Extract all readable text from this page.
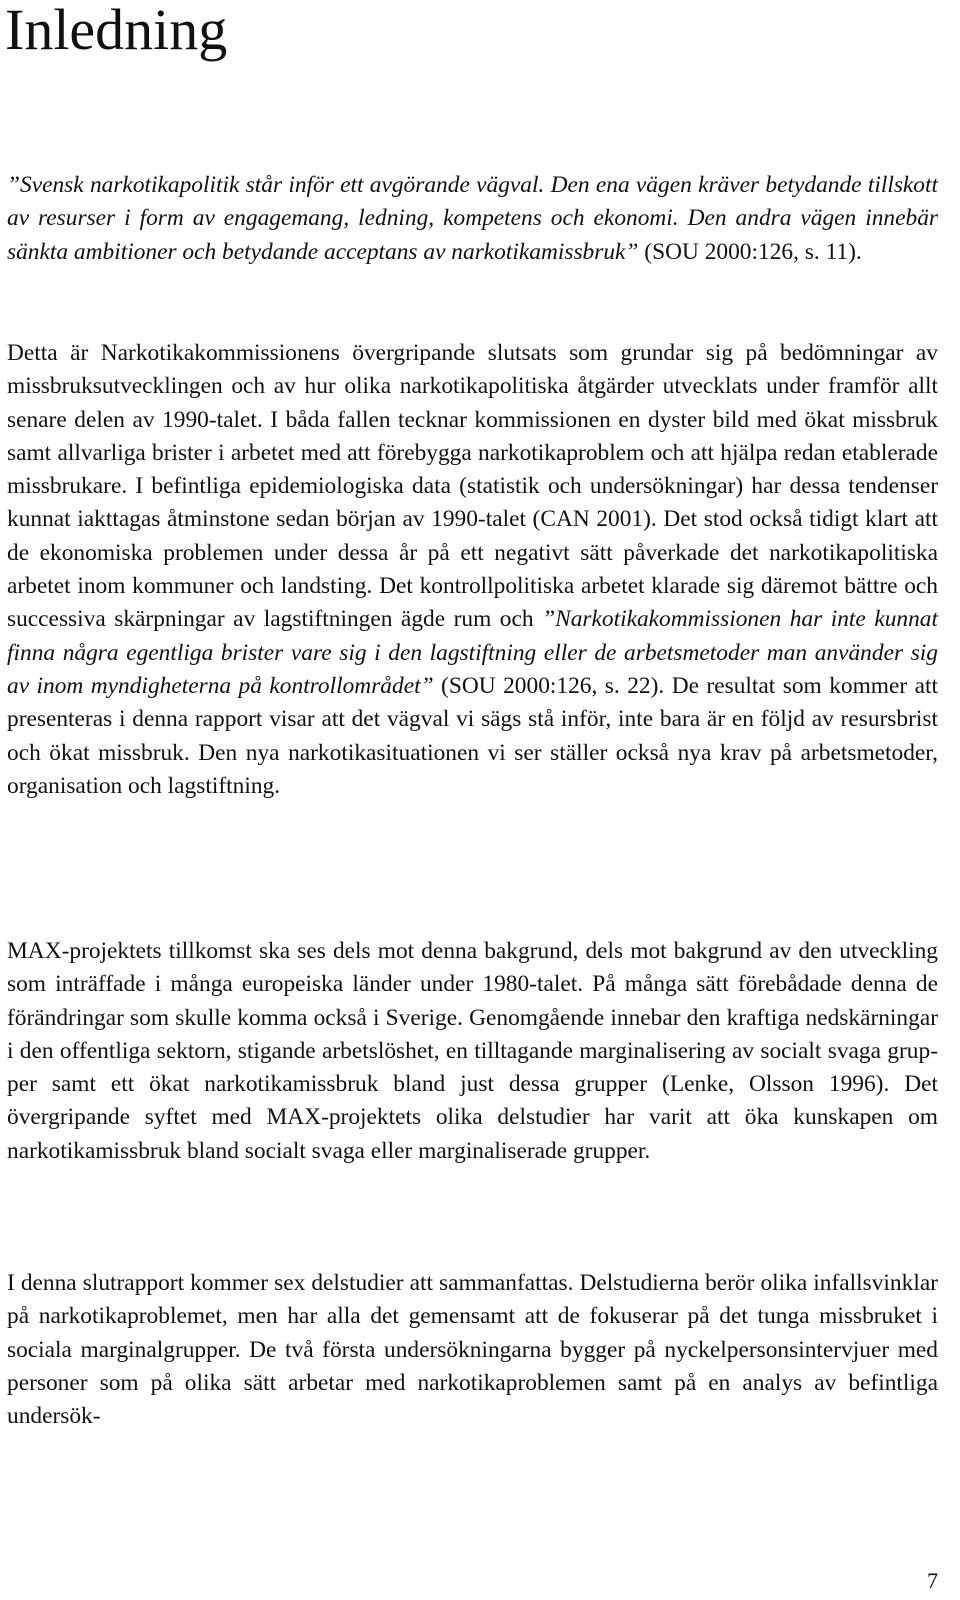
Inledning

”Svensk narkotikapolitik står inför ett avgörande vägval. Den ena vägen kräver betydande tillskott av resurser i form av engagemang, ledning, kompetens och ekonomi. Den andra vägen innebär sänkta ambitioner och betydande acceptans av narkotikamissbruk” (SOU 2000:126, s. 11).

Detta är Narkotikakommissionens övergripande slutsats som grundar sig på bedömningar av missbruksutvecklingen och av hur olika narkotikapolitiska åtgärder utvecklats under framför allt senare delen av 1990-talet. I båda fallen tecknar kommissionen en dyster bild med ökat missbruk samt allvarliga brister i arbetet med att förebygga narkotikaproblem och att hjälpa redan etablerade missbrukare. I befintliga epidemiologiska data (statistik och undersökningar) har dessa tendenser kunnat iakttagas åtminstone sedan början av 1990-talet (CAN 2001). Det stod också tidigt klart att de ekonomiska problemen under dessa år på ett negativt sätt påverkade det narkotikapolitiska arbetet inom kommuner och landsting. Det kontrollpolitiska arbetet klarade sig däremot bättre och successiva skärpningar av lagstiftningen ägde rum och ”Narkotikakommissionen har inte kunnat finna några egentliga brister vare sig i den lagstiftning eller de arbetsmetoder man använder sig av inom myndigheterna på kontrollområdet” (SOU 2000:126, s. 22). De resultat som kommer att presenteras i denna rapport visar att det vägval vi sägs stå inför, inte bara är en följd av resursbrist och ökat missbruk. Den nya narkotikasituationen vi ser ställer också nya krav på arbetsmetoder, organisation och lagstiftning.

MAX-projektets tillkomst ska ses dels mot denna bakgrund, dels mot bakgrund av den utveckling som inträffade i många europeiska länder under 1980-talet. På många sätt förebådade denna de förändringar som skulle komma också i Sverige. Genomgående innebar den kraftiga nedskärningar i den offentliga sektorn, stigande arbetslöshet, en tilltagande marginalisering av socialt svaga grupper samt ett ökat narkotikamissbruk bland just dessa grupper (Lenke, Olsson 1996). Det övergripande syftet med MAX-projektets olika delstudier har varit att öka kunskapen om narkotikamissbruk bland socialt svaga eller marginaliserade grupper.

I denna slutrapport kommer sex delstudier att sammanfattas. Delstudierna berör olika infallsvinklar på narkotikaproblemet, men har alla det gemensamt att de fokuserar på det tunga missbruket i sociala marginalgrupper. De två första undersökningarna bygger på nyckelpersonsintervjuer med personer som på olika sätt arbetar med narkotikaproblemen samt på en analys av befintliga undersök-

7
